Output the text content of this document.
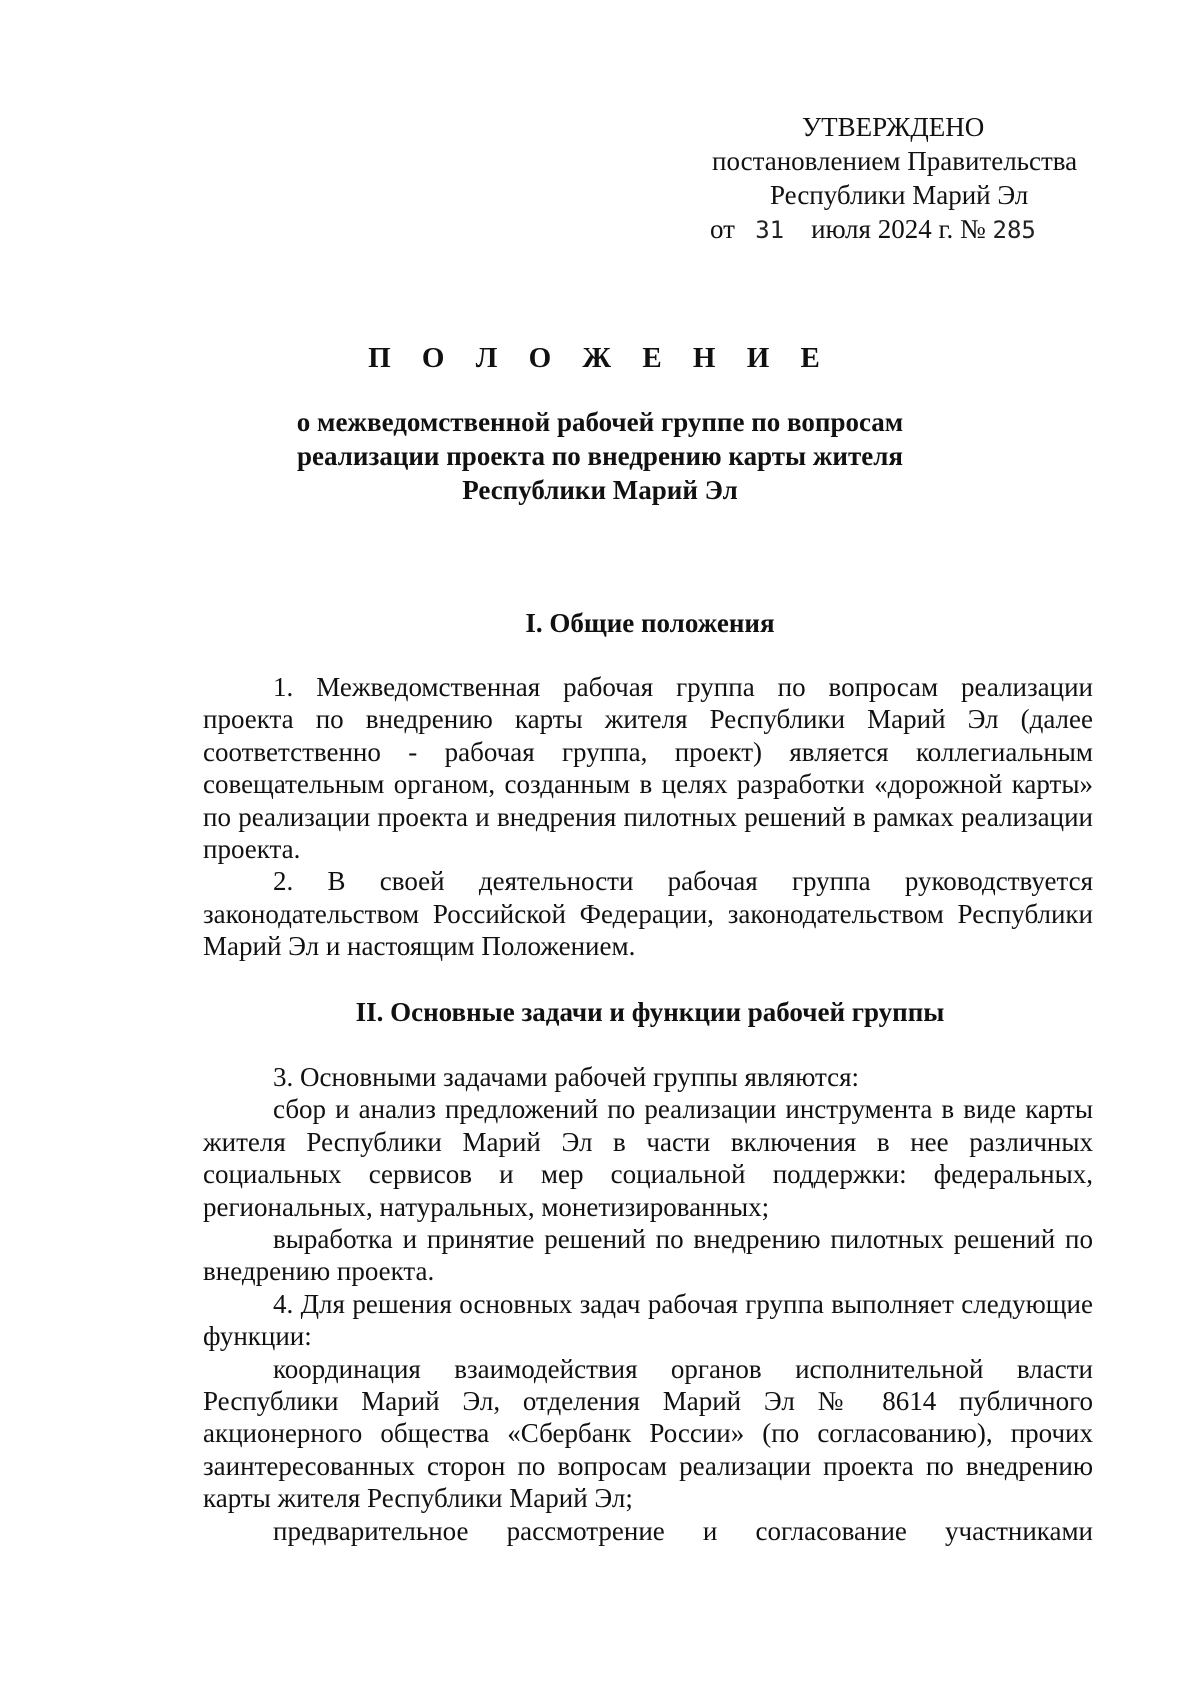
УТВЕРЖДЕНО
постановлением Правительства
Республики Марий Эл
от 31 июля 2024 г. № 285
П О Л О Ж Е Н И Е
о межведомственной рабочей группе по вопросам
реализации проекта по внедрению карты жителя
Республики Марий Эл
I. Общие положения

1. Межведомственная рабочая группа по вопросам реализации проекта по внедрению карты жителя Республики Марий Эл (далее соответственно - рабочая группа, проект) является коллегиальным совещательным органом, созданным в целях разработки «дорожной карты» по реализации проекта и внедрения пилотных решений в рамках реализации проекта.

2. В своей деятельности рабочая группа руководствуется законодательством Российской Федерации, законодательством Республики Марий Эл и настоящим Положением.

II. Основные задачи и функции рабочей группы

3. Основными задачами рабочей группы являются:

сбор и анализ предложений по реализации инструмента в виде карты жителя Республики Марий Эл в части включения в нее различных социальных сервисов и мер социальной поддержки: федеральных, региональных, натуральных, монетизированных;

выработка и принятие решений по внедрению пилотных решений по внедрению проекта.

4. Для решения основных задач рабочая группа выполняет следующие функции:

координация взаимодействия органов исполнительной власти Республики Марий Эл, отделения Марий Эл № 8614 публичного акционерного общества «Сбербанк России» (по согласованию), прочих заинтересованных сторон по вопросам реализации проекта по внедрению карты жителя Республики Марий Эл;

предварительное рассмотрение и согласование участниками
